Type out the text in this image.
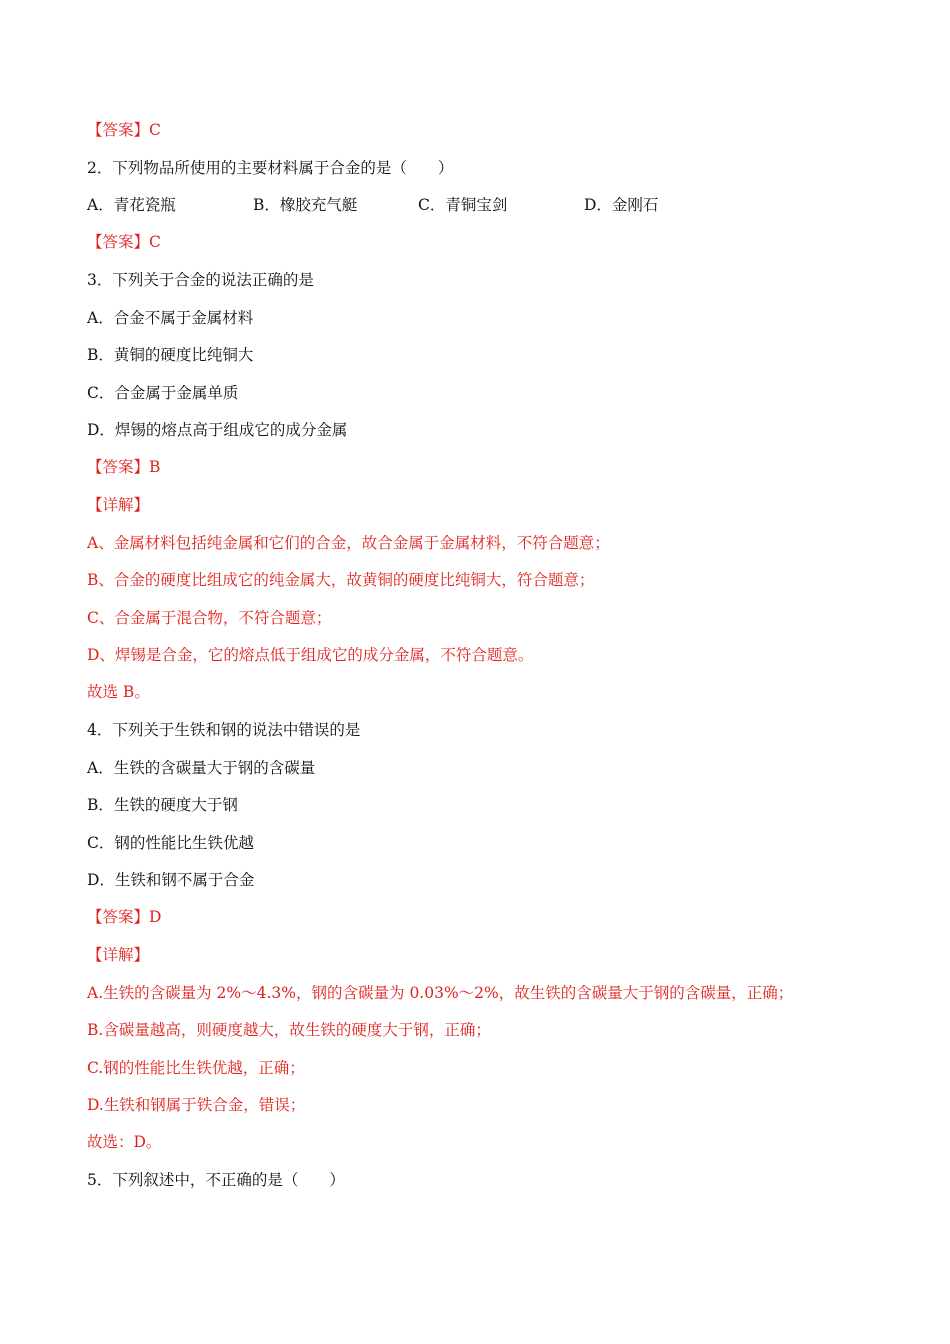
【答案】C
2．下列物品所使用的主要材料属于合金的是（　　）
A．青花瓷瓶	B．橡胶充气艇	C．青铜宝剑	D．金刚石
【答案】C
3．下列关于合金的说法正确的是
A．合金不属于金属材料
B．黄铜的硬度比纯铜大
C．合金属于金属单质
D．焊锡的熔点高于组成它的成分金属
【答案】B
【详解】
A、金属材料包括纯金属和它们的合金，故合金属于金属材料，不符合题意；
B、合金的硬度比组成它的纯金属大，故黄铜的硬度比纯铜大，符合题意；
C、合金属于混合物，不符合题意；
D、焊锡是合金，它的熔点低于组成它的成分金属，不符合题意。
故选 B。
4．下列关于生铁和钢的说法中错误的是
A．生铁的含碳量大于钢的含碳量
B．生铁的硬度大于钢
C．钢的性能比生铁优越
D．生铁和钢不属于合金
【答案】D
【详解】
A.生铁的含碳量为 2%～4.3%，钢的含碳量为 0.03%～2%，故生铁的含碳量大于钢的含碳量，正确；
B.含碳量越高，则硬度越大，故生铁的硬度大于钢，正确；
C.钢的性能比生铁优越，正确；
D.生铁和钢属于铁合金，错误；
故选：D。
5．下列叙述中，不正确的是（　　）
